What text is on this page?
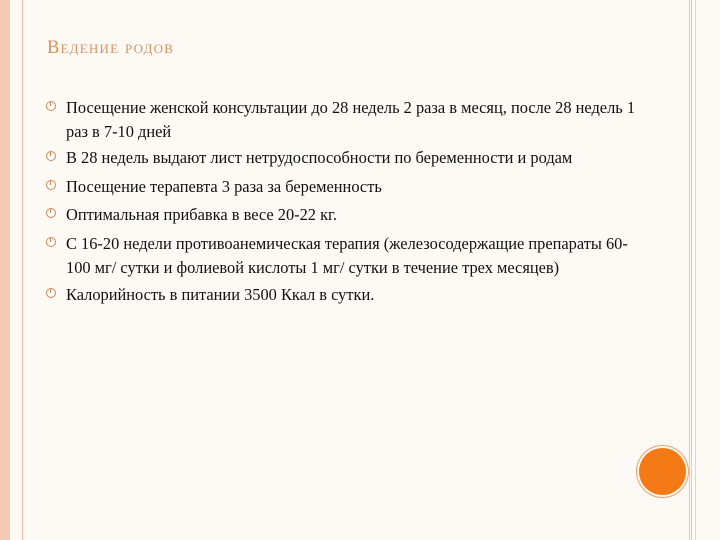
Ведение родов
Посещение женской консультации до 28 недель 2 раза в месяц, после 28 недель 1 раз в 7-10 дней
В 28 недель выдают лист нетрудоспособности по беременности и родам
Посещение терапевта 3 раза за беременность
Оптимальная прибавка в весе 20-22 кг.
С 16-20 недели противоанемическая терапия (железосодержащие препараты 60-100 мг/ сутки и фолиевой кислоты 1 мг/ сутки в течение трех месяцев)
Калорийность в питании 3500 Ккал в сутки.
